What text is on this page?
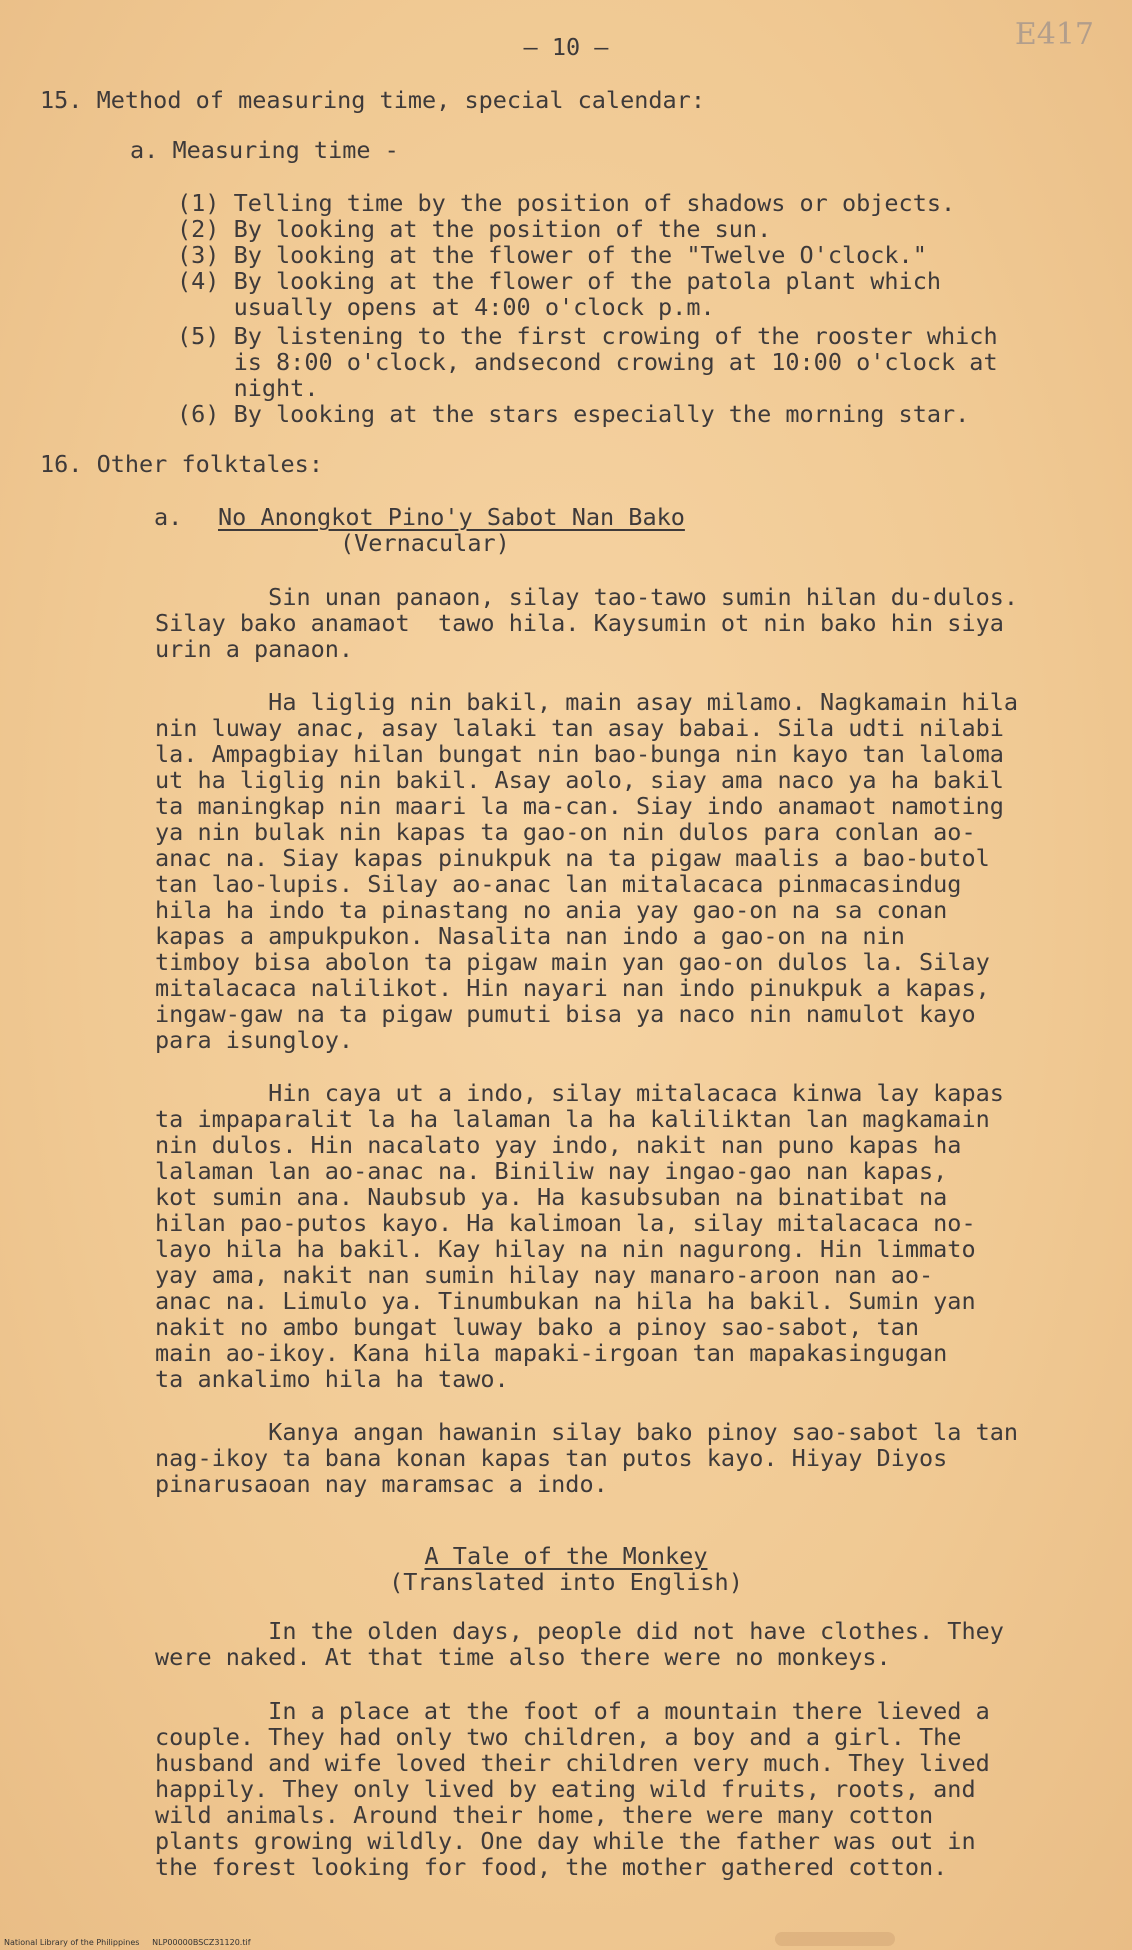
— 10 —	E417
15. Method of measuring time, special calendar:
a. Measuring time -
(1) Telling time by the position of shadows or objects.
(2) By looking at the position of the sun.
(3) By looking at the flower of the "Twelve O'clock."
(4) By looking at the flower of the patola plant which
usually opens at 4:00 o'clock p.m.
(5) By listening to the first crowing of the rooster which
is 8:00 o'clock, andsecond crowing at 10:00 o'clock at
night.
(6) By looking at the stars especially the morning star.
16. Other folktales:
a. No Anongkot Pino'y Sabot Nan Bako
(Vernacular)
Sin unan panaon, silay tao-tawo sumin hilan du-dulos.
Silay bako anamaot  tawo hila. Kaysumin ot nin bako hin siya
urin a panaon.
Ha liglig nin bakil, main asay milamo. Nagkamain hila
nin luway anac, asay lalaki tan asay babai. Sila udti nilabi
la. Ampagbiay hilan bungat nin bao-bunga nin kayo tan laloma
ut ha liglig nin bakil. Asay aolo, siay ama naco ya ha bakil
ta maningkap nin maari la ma-can. Siay indo anamaot namoting
ya nin bulak nin kapas ta gao-on nin dulos para conlan ao-
anac na. Siay kapas pinukpuk na ta pigaw maalis a bao-butol
tan lao-lupis. Silay ao-anac lan mitalacaca pinmacasindug
hila ha indo ta pinastang no ania yay gao-on na sa conan
kapas a ampukpukon. Nasalita nan indo a gao-on na nin
timboy bisa abolon ta pigaw main yan gao-on dulos la. Silay
mitalacaca nalilikot. Hin nayari nan indo pinukpuk a kapas,
ingaw-gaw na ta pigaw pumuti bisa ya naco nin namulot kayo
para isungloy.
Hin caya ut a indo, silay mitalacaca kinwa lay kapas
ta impaparalit la ha lalaman la ha kaliliktan lan magkamain
nin dulos. Hin nacalato yay indo, nakit nan puno kapas ha
lalaman lan ao-anac na. Biniliw nay ingao-gao nan kapas,
kot sumin ana. Naubsub ya. Ha kasubsuban na binatibat na
hilan pao-putos kayo. Ha kalimoan la, silay mitalacaca no-
layo hila ha bakil. Kay hilay na nin nagurong. Hin limmato
yay ama, nakit nan sumin hilay nay manaro-aroon nan ao-
anac na. Limulo ya. Tinumbukan na hila ha bakil. Sumin yan
nakit no ambo bungat luway bako a pinoy sao-sabot, tan
main ao-ikoy. Kana hila mapaki-irgoan tan mapakasingugan
ta ankalimo hila ha tawo.
Kanya angan hawanin silay bako pinoy sao-sabot la tan
nag-ikoy ta bana konan kapas tan putos kayo. Hiyay Diyos
pinarusaoan nay maramsac a indo.
A Tale of the Monkey
(Translated into English)
In the olden days, people did not have clothes. They
were naked. At that time also there were no monkeys.
In a place at the foot of a mountain there lieved a
couple. They had only two children, a boy and a girl. The
husband and wife loved their children very much. They lived
happily. They only lived by eating wild fruits, roots, and
wild animals. Around their home, there were many cotton
plants growing wildly. One day while the father was out in
the forest looking for food, the mother gathered cotton.
National Library of the Philippines     NLP00000BSCZ31120.tif
